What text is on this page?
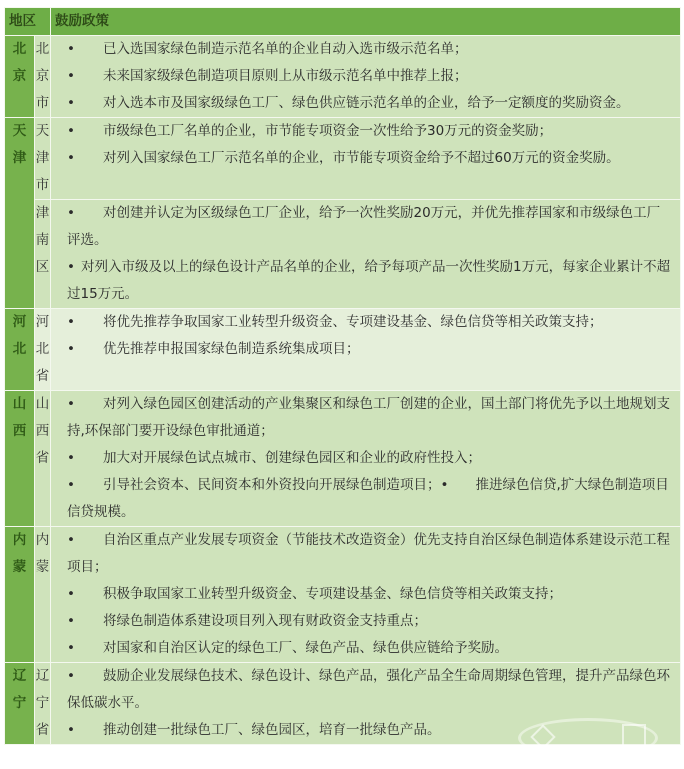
地区		鼓励政策

北京	北京市	• 已入选国家绿色制造示范名单的企业自动入选市级示范名单；
• 未来国家级绿色制造项目原则上从市级示范名单中推荐上报；
• 对入选本市及国家级绿色工厂、绿色供应链示范名单的企业，给予一定额度的奖励资金。

天津	天津市	• 市级绿色工厂名单的企业，市节能专项资金一次性给予30万元的资金奖励；
• 对列入国家绿色工厂示范名单的企业，市节能专项资金给予不超过60万元的资金奖励。

	津南区	• 对创建并认定为区级绿色工厂企业，给予一次性奖励20万元，并优先推荐国家和市级绿色工厂评选。
• 对列入市级及以上的绿色设计产品名单的企业，给予每项产品一次性奖励1万元，每家企业累计不超过15万元。

河北	河北省	• 将优先推荐争取国家工业转型升级资金、专项建设基金、绿色信贷等相关政策支持；
• 优先推荐申报国家绿色制造系统集成项目；

山西	山西省	• 对列入绿色园区创建活动的产业集聚区和绿色工厂创建的企业，国土部门将优先予以土地规划支持,环保部门要开设绿色审批通道；
• 加大对开展绿色试点城市、创建绿色园区和企业的政府性投入；
• 引导社会资本、民间资本和外资投向开展绿色制造项目；•　　推进绿色信贷,扩大绿色制造项目信贷规模。

内蒙	内蒙	• 自治区重点产业发展专项资金（节能技术改造资金）优先支持自治区绿色制造体系建设示范工程项目；
• 积极争取国家工业转型升级资金、专项建设基金、绿色信贷等相关政策支持；
• 将绿色制造体系建设项目列入现有财政资金支持重点；
• 对国家和自治区认定的绿色工厂、绿色产品、绿色供应链给予奖励。

辽宁	辽宁省	• 鼓励企业发展绿色技术、绿色设计、绿色产品，强化产品全生命周期绿色管理，提升产品绿色环保低碳水平。
• 推动创建一批绿色工厂、绿色园区，培育一批绿色产品。
